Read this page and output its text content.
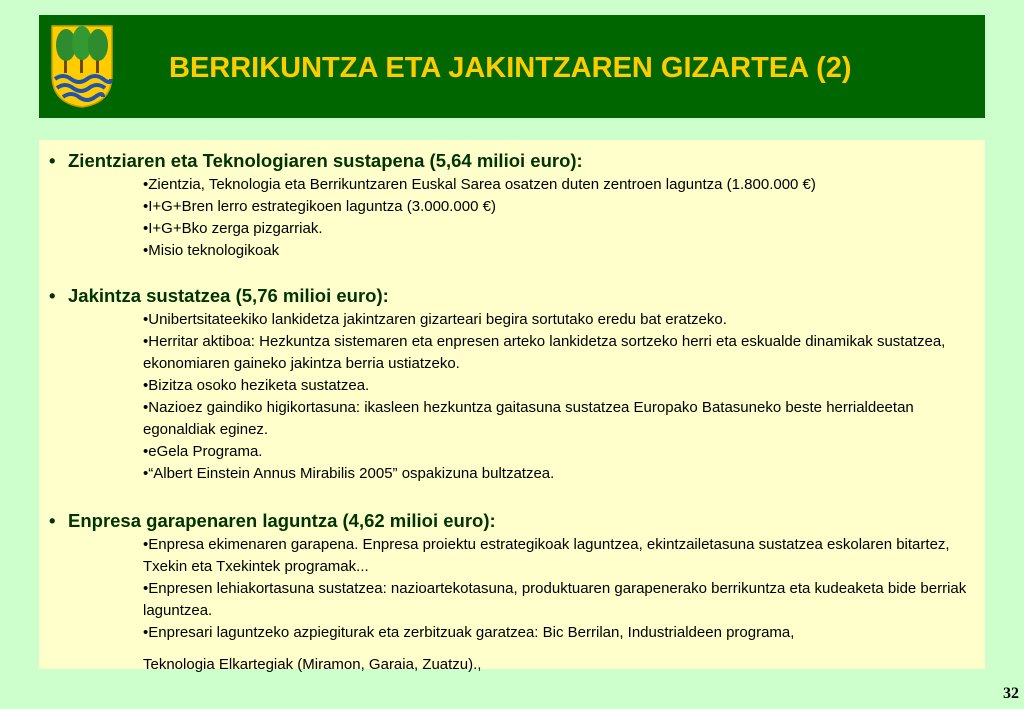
BERRIKUNTZA ETA JAKINTZAREN GIZARTEA (2)
• Zientziaren eta Teknologiaren sustapena (5,64 milioi euro):
•Zientzia, Teknologia eta Berrikuntzaren Euskal Sarea osatzen duten zentroen laguntza (1.800.000 €)
•I+G+Bren lerro estrategikoen laguntza (3.000.000 €)
•I+G+Bko zerga pizgarriak.
•Misio teknologikoak
• Jakintza sustatzea (5,76 milioi euro):
•Unibertsitateekiko lankidetza jakintzaren gizarteari begira sortutako eredu bat eratzeko.
•Herritar aktiboa: Hezkuntza sistemaren eta enpresen arteko lankidetza sortzeko herri eta eskualde dinamikak sustatzea, ekonomiaren gaineko jakintza berria ustiatzeko.
•Bizitza osoko heziketa sustatzea.
•Nazioez gaindiko higikortasuna: ikasleen hezkuntza gaitasuna sustatzea Europako Batasuneko beste herrialdeetan egonaldiak eginez.
•eGela Programa.
•“Albert Einstein Annus Mirabilis 2005” ospakizuna bultzatzea.
• Enpresa garapenaren laguntza (4,62 milioi euro):
•Enpresa ekimenaren garapena. Enpresa proiektu estrategikoak laguntzea, ekintzailetasuna sustatzea eskolaren bitartez, Txekin eta Txekintek programak...
•Enpresen lehiakortasuna sustatzea: nazioartekotasuna, produktuaren garapenerako berrikuntza eta kudeaketa bide berriak laguntzea.
•Enpresari laguntzeko azpiegiturak eta zerbitzuak garatzea: Bic Berrilan, Industrialdeen programa,
Teknologia Elkartegiak (Miramon, Garaia, Zuatzu).,
32
